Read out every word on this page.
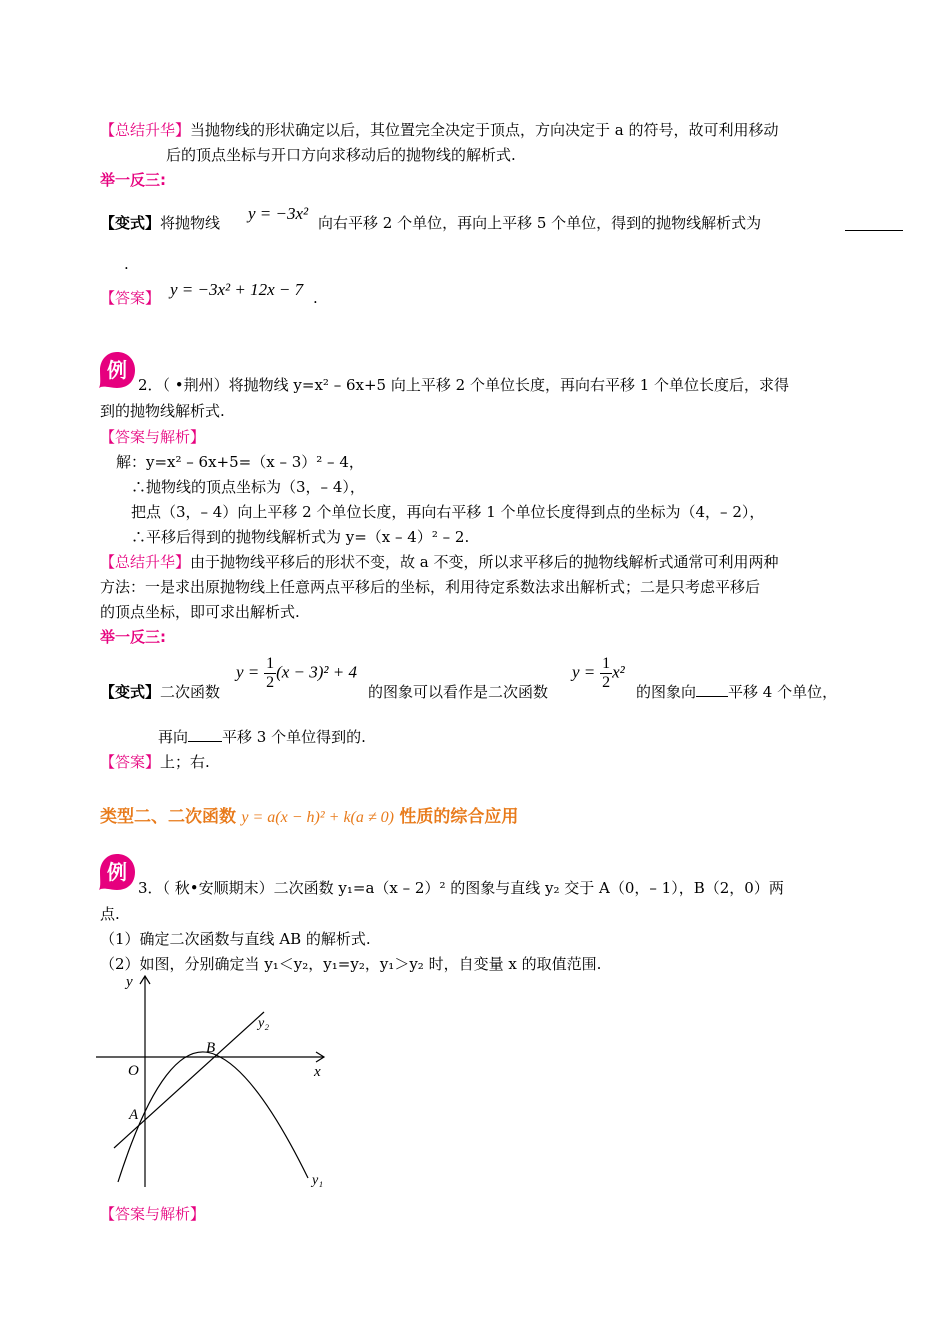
【总结升华】当抛物线的形状确定以后，其位置完全决定于顶点，方向决定于 a 的符号，故可利用移动
后的顶点坐标与开口方向求移动后的抛物线的解析式.
举一反三:
【变式】将抛物线 y = −3x² 向右平移 2 个单位，再向上平移 5 个单位，得到的抛物线解析式为
.
【答案】 y = −3x² + 12x − 7 .
例
2．（ •荆州）将抛物线 y=x² – 6x+5 向上平移 2 个单位长度，再向右平移 1 个单位长度后，求得
到的抛物线解析式.
【答案与解析】
解：y=x² – 6x+5=（x – 3）² – 4，
∴抛物线的顶点坐标为（3，– 4），
把点（3，– 4）向上平移 2 个单位长度，再向右平移 1 个单位长度得到点的坐标为（4，– 2），
∴平移后得到的抛物线解析式为 y=（x – 4）² – 2.
【总结升华】由于抛物线平移后的形状不变，故 a 不变，所以求平移后的抛物线解析式通常可利用两种
方法：一是求出原抛物线上任意两点平移后的坐标，利用待定系数法求出解析式；二是只考虑平移后
的顶点坐标，即可求出解析式.
举一反三:
【变式】二次函数
$y = \frac{1}{2} (x - 3)^2 + 4$
的图象可以看作是二次函数
$y = \frac{1}{2} x^2$
的图象向 平移 4 个单位，
再向 平移 3 个单位得到的.
【答案】上；右.
类型二、二次函数 y = a(x − h)² + k(a ≠ 0) 性质的综合应用
例
3．（ 秋•安顺期末）二次函数 y₁=a（x – 2）² 的图象与直线 y₂ 交于 A（0，– 1），B（2，0）两
点.
（1）确定二次函数与直线 AB 的解析式.
（2）如图，分别确定当 y₁＜y₂，y₁=y₂，y₁＞y₂ 时，自变量 x 的取值范围.
y
x
O
A
B
y₂
y₁
【答案与解析】
